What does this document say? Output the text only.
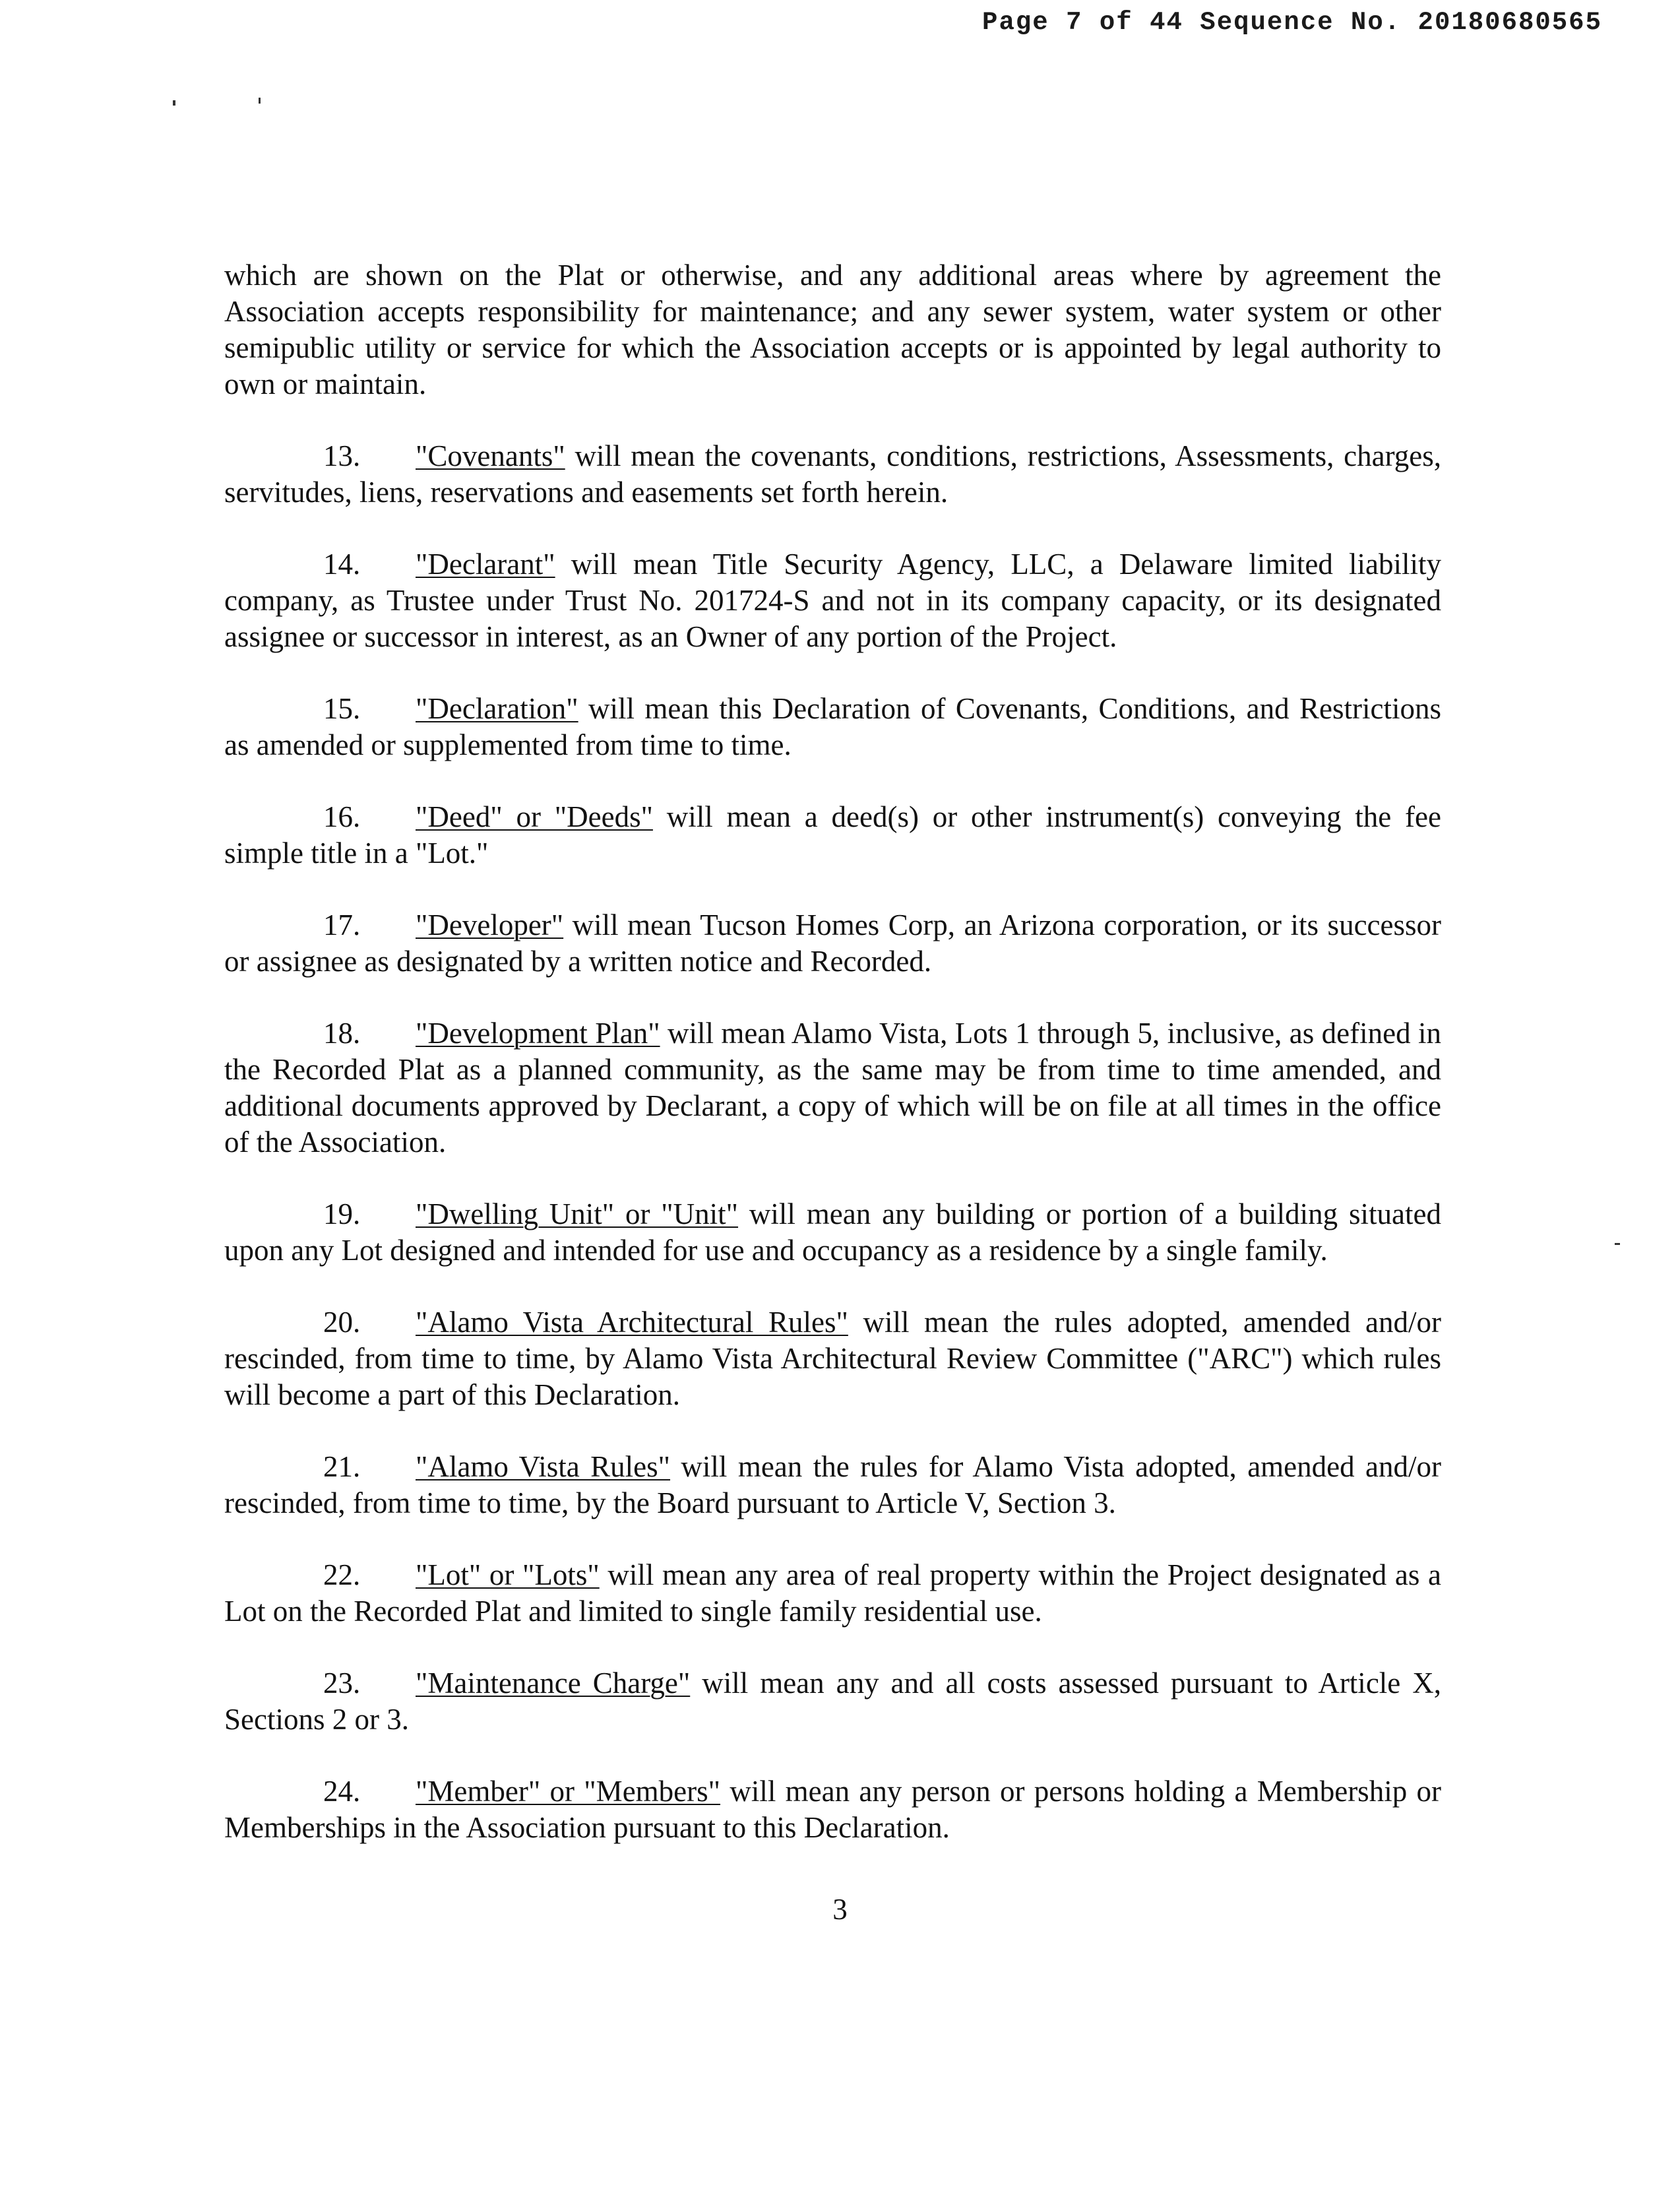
Page 7 of 44 Sequence No. 20180680565

which are shown on the Plat or otherwise, and any additional areas where by agreement the Association accepts responsibility for maintenance; and any sewer system, water system or other semipublic utility or service for which the Association accepts or is appointed by legal authority to own or maintain.

13. "Covenants" will mean the covenants, conditions, restrictions, Assessments, charges, servitudes, liens, reservations and easements set forth herein.

14. "Declarant" will mean Title Security Agency, LLC, a Delaware limited liability company, as Trustee under Trust No. 201724-S and not in its company capacity, or its designated assignee or successor in interest, as an Owner of any portion of the Project.

15. "Declaration" will mean this Declaration of Covenants, Conditions, and Restrictions as amended or supplemented from time to time.

16. "Deed" or "Deeds" will mean a deed(s) or other instrument(s) conveying the fee simple title in a "Lot."

17. "Developer" will mean Tucson Homes Corp, an Arizona corporation, or its successor or assignee as designated by a written notice and Recorded.

18. "Development Plan" will mean Alamo Vista, Lots 1 through 5, inclusive, as defined in the Recorded Plat as a planned community, as the same may be from time to time amended, and additional documents approved by Declarant, a copy of which will be on file at all times in the office of the Association.

19. "Dwelling Unit" or "Unit" will mean any building or portion of a building situated upon any Lot designed and intended for use and occupancy as a residence by a single family.

20. "Alamo Vista Architectural Rules" will mean the rules adopted, amended and/or rescinded, from time to time, by Alamo Vista Architectural Review Committee ("ARC") which rules will become a part of this Declaration.

21. "Alamo Vista Rules" will mean the rules for Alamo Vista adopted, amended and/or rescinded, from time to time, by the Board pursuant to Article V, Section 3.

22. "Lot" or "Lots" will mean any area of real property within the Project designated as a Lot on the Recorded Plat and limited to single family residential use.

23. "Maintenance Charge" will mean any and all costs assessed pursuant to Article X, Sections 2 or 3.

24. "Member" or "Members" will mean any person or persons holding a Membership or Memberships in the Association pursuant to this Declaration.

3
